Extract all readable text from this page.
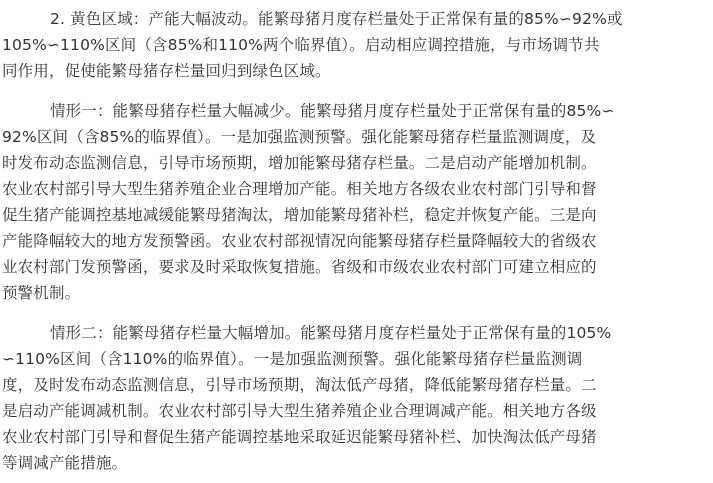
2. 黄色区域：产能大幅波动。能繁母猪月度存栏量处于正常保有量的85%∽92%或
105%∽110%区间（含85%和110%两个临界值）。启动相应调控措施，与市场调节共
同作用，促使能繁母猪存栏量回归到绿色区域。
情形一：能繁母猪存栏量大幅减少。能繁母猪月度存栏量处于正常保有量的85%∽
92%区间（含85%的临界值）。一是加强监测预警。强化能繁母猪存栏量监测调度，及
时发布动态监测信息，引导市场预期，增加能繁母猪存栏量。二是启动产能增加机制。
农业农村部引导大型生猪养殖企业合理增加产能。相关地方各级农业农村部门引导和督
促生猪产能调控基地减缓能繁母猪淘汰，增加能繁母猪补栏，稳定并恢复产能。三是向
产能降幅较大的地方发预警函。农业农村部视情况向能繁母猪存栏量降幅较大的省级农
业农村部门发预警函，要求及时采取恢复措施。省级和市级农业农村部门可建立相应的
预警机制。
情形二：能繁母猪存栏量大幅增加。能繁母猪月度存栏量处于正常保有量的105%
∽110%区间（含110%的临界值）。一是加强监测预警。强化能繁母猪存栏量监测调
度，及时发布动态监测信息，引导市场预期，淘汰低产母猪，降低能繁母猪存栏量。二
是启动产能调减机制。农业农村部引导大型生猪养殖企业合理调减产能。相关地方各级
农业农村部门引导和督促生猪产能调控基地采取延迟能繁母猪补栏、加快淘汰低产母猪
等调减产能措施。
